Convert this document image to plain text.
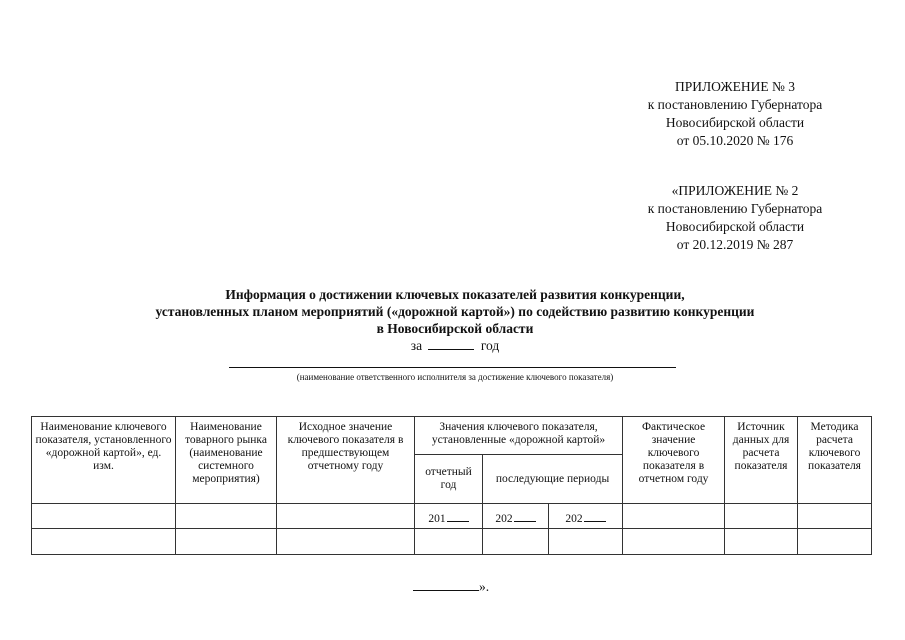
ПРИЛОЖЕНИЕ № 3
к постановлению Губернатора
Новосибирской области
от 05.10.2020 № 176
«ПРИЛОЖЕНИЕ № 2
к постановлению Губернатора
Новосибирской области
от 20.12.2019 № 287
Информация о достижении ключевых показателей развития конкуренции,
установленных планом мероприятий («дорожной картой») по содействию развитию конкуренции
в Новосибирской области
за	год
(наименование ответственного исполнителя за достижение ключевого показателя)
Наименование ключевого показателя, установленного «дорожной картой», ед. изм.	Наименование товарного рынка (наименование системного мероприятия)	Исходное значение ключевого показателя в предшествующем отчетному году	Значения ключевого показателя, установленные «дорожной картой»			Фактическое значение ключевого показателя в отчетном году	Источник данных для расчета показателя	Методика расчета ключевого показателя
			отчетный год	последующие периоды				
			201	202	202			

».
